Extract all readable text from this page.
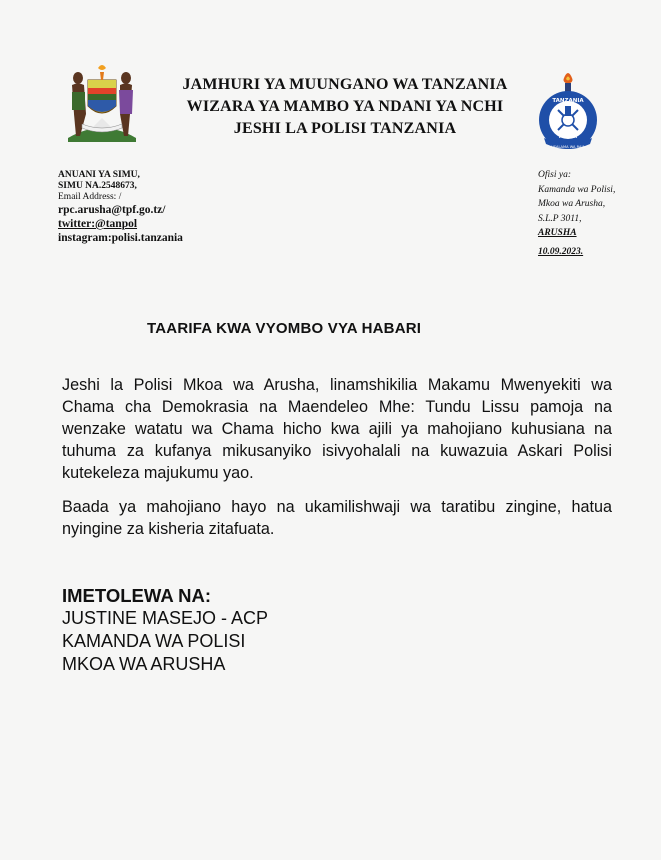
JAMHURI YA MUUNGANO WA TANZANIA
WIZARA YA MAMBO YA NDANI YA NCHI
JESHI LA POLISI TANZANIA
TANZANIA
POLISI
USALAMA WA RAIA
ANUANI YA SIMU,
SIMU NA.2548673,
Email Address: /
rpc.arusha@tpf.go.tz/
twitter:@tanpol
instagram:polisi.tanzania
Ofisi ya:
Kamanda wa Polisi,
Mkoa wa Arusha,
S.L.P 3011,
ARUSHA
10.09.2023.
TAARIFA KWA VYOMBO VYA HABARI
Jeshi la Polisi Mkoa wa Arusha, linamshikilia Makamu Mwenyekiti wa Chama cha Demokrasia na Maendeleo Mhe: Tundu Lissu pamoja na wenzake watatu wa Chama hicho kwa ajili ya mahojiano kuhusiana na tuhuma za kufanya mikusanyiko isivyohalali na kuwazuia Askari Polisi kutekeleza majukumu yao.
Baada ya mahojiano hayo na ukamilishwaji wa taratibu zingine, hatua nyingine za kisheria zitafuata.
IMETOLEWA NA:
JUSTINE MASEJO - ACP
KAMANDA WA POLISI
MKOA WA ARUSHA
